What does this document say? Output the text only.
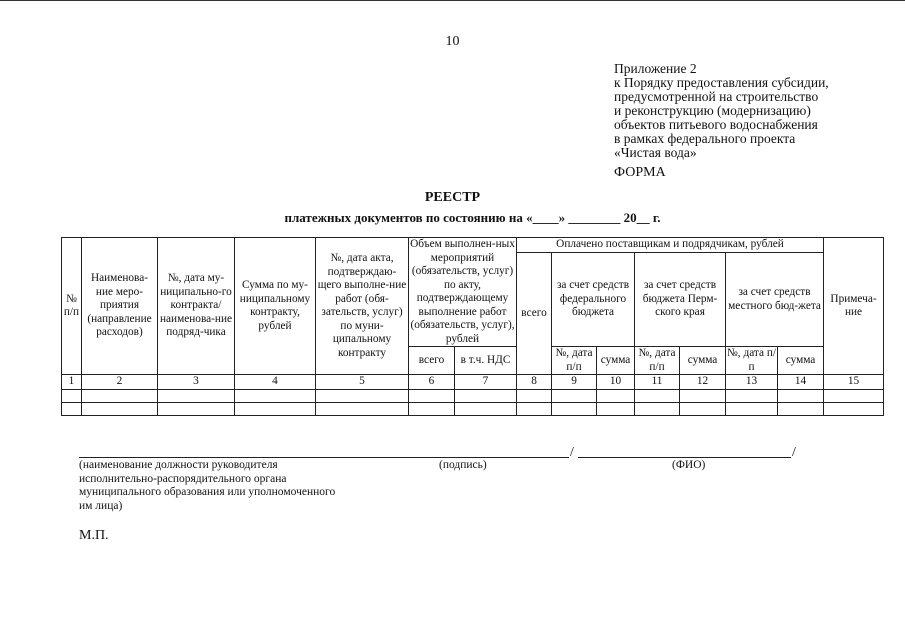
10
Приложение 2
к Порядку предоставления субсидии,
предусмотренной на строительство
и реконструкцию (модернизацию)
объектов питьевого водоснабжения
в рамках федерального проекта
«Чистая вода»
ФОРМА
РЕЕСТР
платежных документов по состоянию на «____» ________ 20__ г.
№ п/п	Наименова-ние меро-приятия (направление расходов)	№, дата му-ниципально-го контракта/ наименова-ние подряд-чика	Сумма по му-ниципальному контракту, рублей	№, дата акта, подтверждаю-щего выполне-ние работ (обя-зательств, услуг) по муни-ципальному контракту	Объем выполнен-ных мероприятий (обязательств, услуг) по акту, подтверждающему выполнение работ (обязательств, услуг), рублей		Оплачено поставщикам и подрядчикам, рублей							Примеча-ние
							всего	за счет средств федерального бюджета		за счет средств бюджета Перм-ского края		за счет средств местного бюд-жета		
					всего	в т.ч. НДС		№, дата п/п	сумма	№, дата п/п	сумма	№, дата п/п	сумма	
1	2	3	4	5	6	7	8	9	10	11	12	13	14	15

/	/
(наименование должности руководителя
исполнительно-распорядительного органа
муниципального образования или уполномоченного
им лица)
(подпись)	(ФИО)
М.П.
